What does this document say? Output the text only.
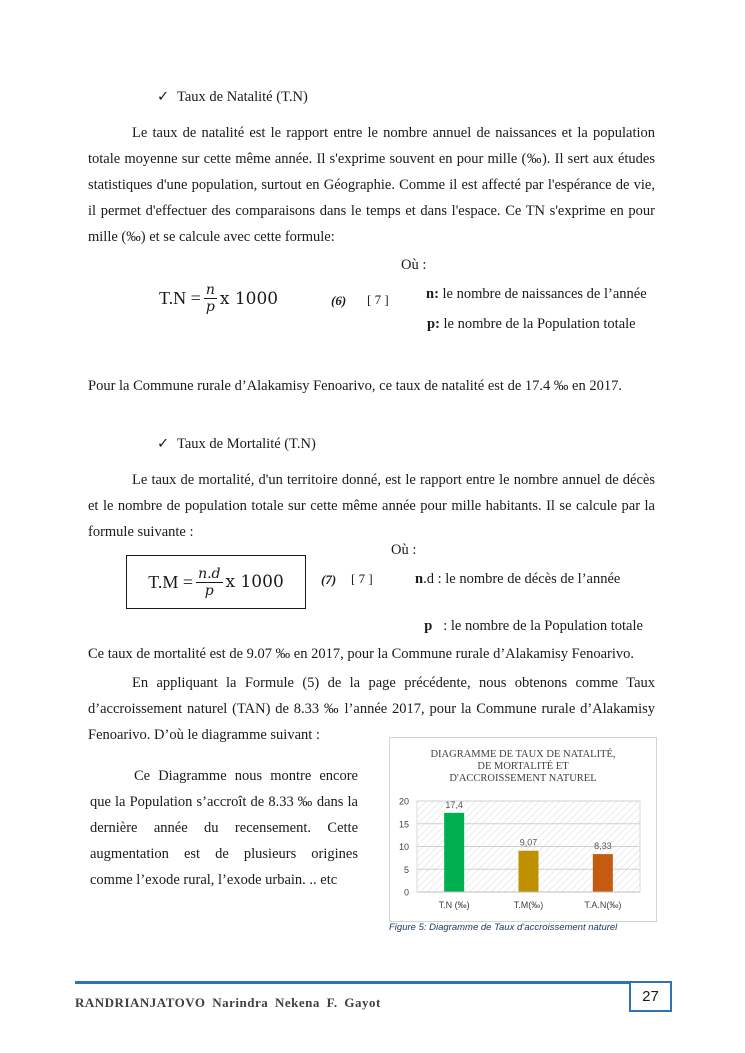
✓ Taux de Natalité (T.N)
Le taux de natalité est le rapport entre le nombre annuel de naissances et la population totale moyenne sur cette même année. Il s'exprime souvent en pour mille (‰). Il sert aux études statistiques d'une population, surtout en Géographie. Comme il est affecté par l'espérance de vie, il permet d'effectuer des comparaisons dans le temps et dans l'espace. Ce TN s'exprime en pour mille (‰) et se calcule avec cette formule:
Où :
$T.N = \frac{n}{p}$ x 1000	(6) [ 7 ]	n: le nombre de naissances de l’année
p: le nombre de la Population totale
Pour la Commune rurale d’Alakamisy Fenoarivo, ce taux de natalité est de 17.4 ‰ en 2017.
✓ Taux de Mortalité (T.N)
Le taux de mortalité, d'un territoire donné, est le rapport entre le nombre annuel de décès et le nombre de population totale sur cette même année pour mille habitants. Il se calcule par la formule suivante :
Où :
$T.M = \frac{n.d}{p}$ x 1000	(7) [ 7 ]	n.d : le nombre de décès de l’année

p   : le nombre de la Population totale

Ce taux de mortalité est de 9.07 ‰ en 2017, pour la Commune rurale d’Alakamisy Fenoarivo.
En appliquant la Formule (5) de la page précédente, nous obtenons comme Taux d’accroissement naturel (TAN) de 8.33 ‰ l’année 2017, pour la Commune rurale d’Alakamisy Fenoarivo. D’où le diagramme suivant :
Ce Diagramme nous montre encore que la Population s’accroît de 8.33 ‰ dans la dernière année du recensement. Cette augmentation est de plusieurs origines comme l’exode rural, l’exode urbain. .. etc
DIAGRAMME DE TAUX DE NATALITÉ,
DE MORTALITÉ ET
D'ACCROISSEMENT NATUREL
0
5
10
15
20	17,4
T.N (‰)
9,07
T.M(‰)
8,33
T.A.N(‰)
Figure 5: Diagramme de Taux d’accroissement naturel
27
RANDRIANJATOVO Narindra Nekena F. Gayot
